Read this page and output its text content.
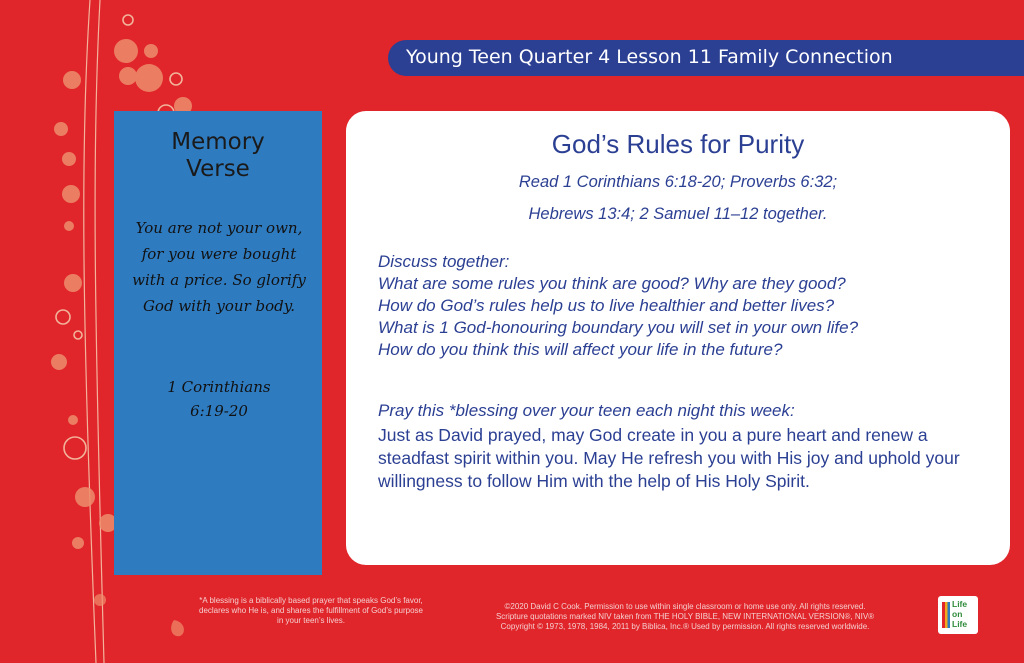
Young Teen Quarter 4 Lesson 11 Family Connection
Memory
Verse
You are not your own, for you were bought with a price. So glorify God with your body.
1 Corinthians
6:19-20
God’s Rules for Purity
Read 1 Corinthians 6:18-20; Proverbs 6:32;
Hebrews 13:4; 2 Samuel 11–12 together.
Discuss together:
What are some rules you think are good? Why are they good?
How do God’s rules help us to live healthier and better lives?
What is 1 God-honouring boundary you will set in your own life?
How do you think this will affect your life in the future?
Pray this *blessing over your teen each night this week:
Just as David prayed, may God create in you a pure heart and renew a steadfast spirit within you. May He refresh you with His joy and uphold your willingness to follow Him with the help of His Holy Spirit.
*A blessing is a biblically based prayer that speaks God’s favor, declares who He is, and shares the fulfillment of God’s purpose in your teen’s lives.
©2020 David C Cook. Permission to use within single classroom or home use only. All rights reserved.
Scripture quotations marked NIV taken from THE HOLY BIBLE, NEW INTERNATIONAL VERSION®, NIV®
Copyright © 1973, 1978, 1984, 2011 by Biblica, Inc.® Used by permission. All rights reserved worldwide.
Life
on
Life
